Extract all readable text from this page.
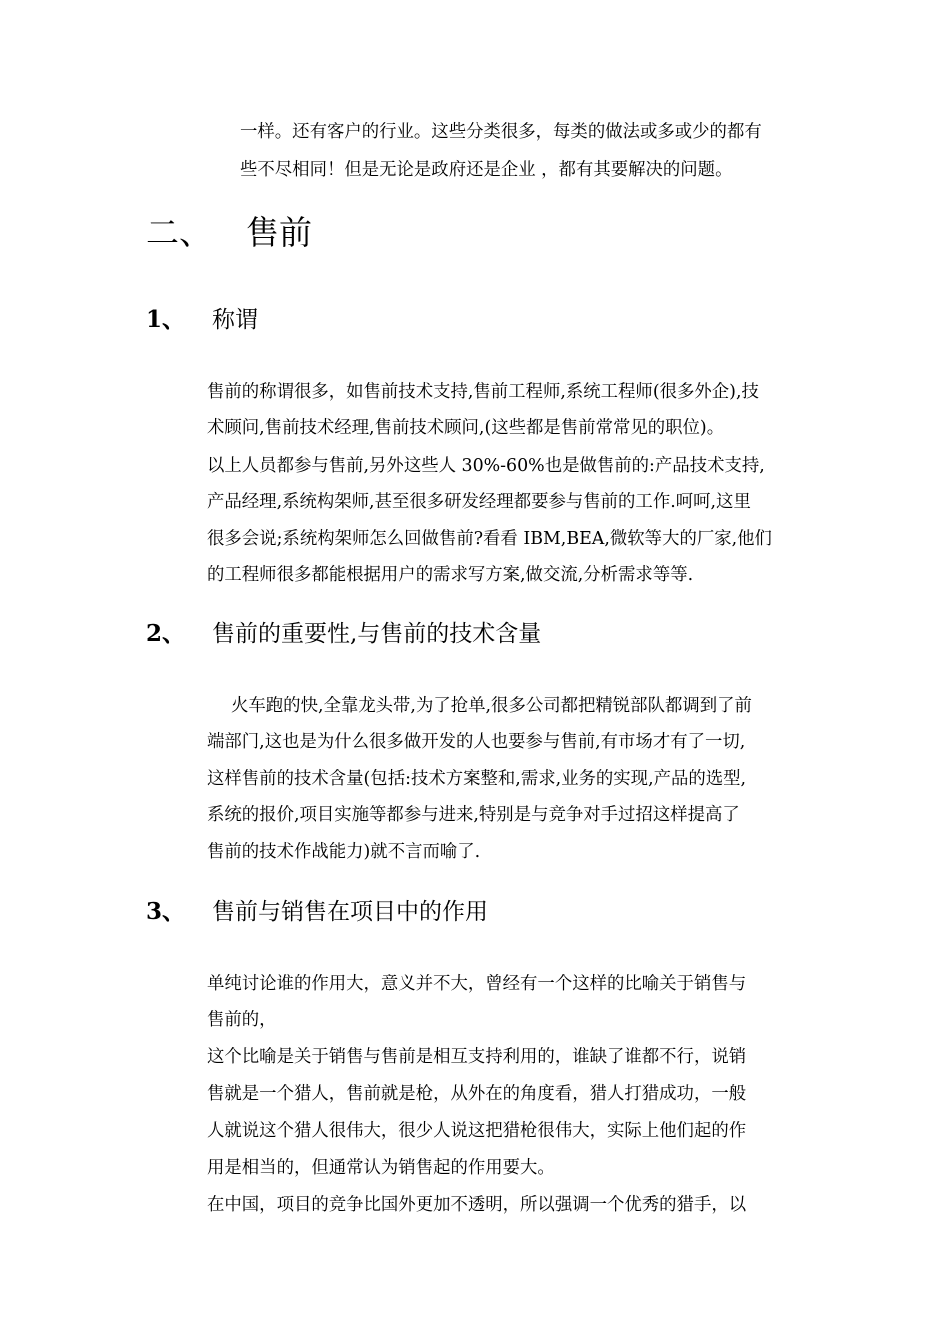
一样。还有客户的行业。这些分类很多，每类的做法或多或少的都有
些不尽相同！但是无论是政府还是企业 ，都有其要解决的问题。
二、 售前
1、 称谓
售前的称谓很多，如售前技术支持,售前工程师,系统工程师(很多外企),技
术顾问,售前技术经理,售前技术顾问,(这些都是售前常常见的职位)。
以上人员都参与售前,另外这些人 30%-60%也是做售前的:产品技术支持,
产品经理,系统构架师,甚至很多研发经理都要参与售前的工作.呵呵,这里
很多会说;系统构架师怎么回做售前?看看 IBM,BEA,微软等大的厂家,他们
的工程师很多都能根据用户的需求写方案,做交流,分析需求等等.
2、 售前的重要性,与售前的技术含量
火车跑的快,全靠龙头带,为了抢单,很多公司都把精锐部队都调到了前
端部门,这也是为什么很多做开发的人也要参与售前,有市场才有了一切,
这样售前的技术含量(包括:技术方案整和,需求,业务的实现,产品的选型,
系统的报价,项目实施等都参与进来,特别是与竞争对手过招这样提高了
售前的技术作战能力)就不言而喻了.
3、 售前与销售在项目中的作用
单纯讨论谁的作用大，意义并不大，曾经有一个这样的比喻关于销售与
售前的，
这个比喻是关于销售与售前是相互支持利用的，谁缺了谁都不行，说销
售就是一个猎人，售前就是枪，从外在的角度看，猎人打猎成功，一般
人就说这个猎人很伟大，很少人说这把猎枪很伟大，实际上他们起的作
用是相当的，但通常认为销售起的作用要大。
在中国，项目的竞争比国外更加不透明，所以强调一个优秀的猎手，以
